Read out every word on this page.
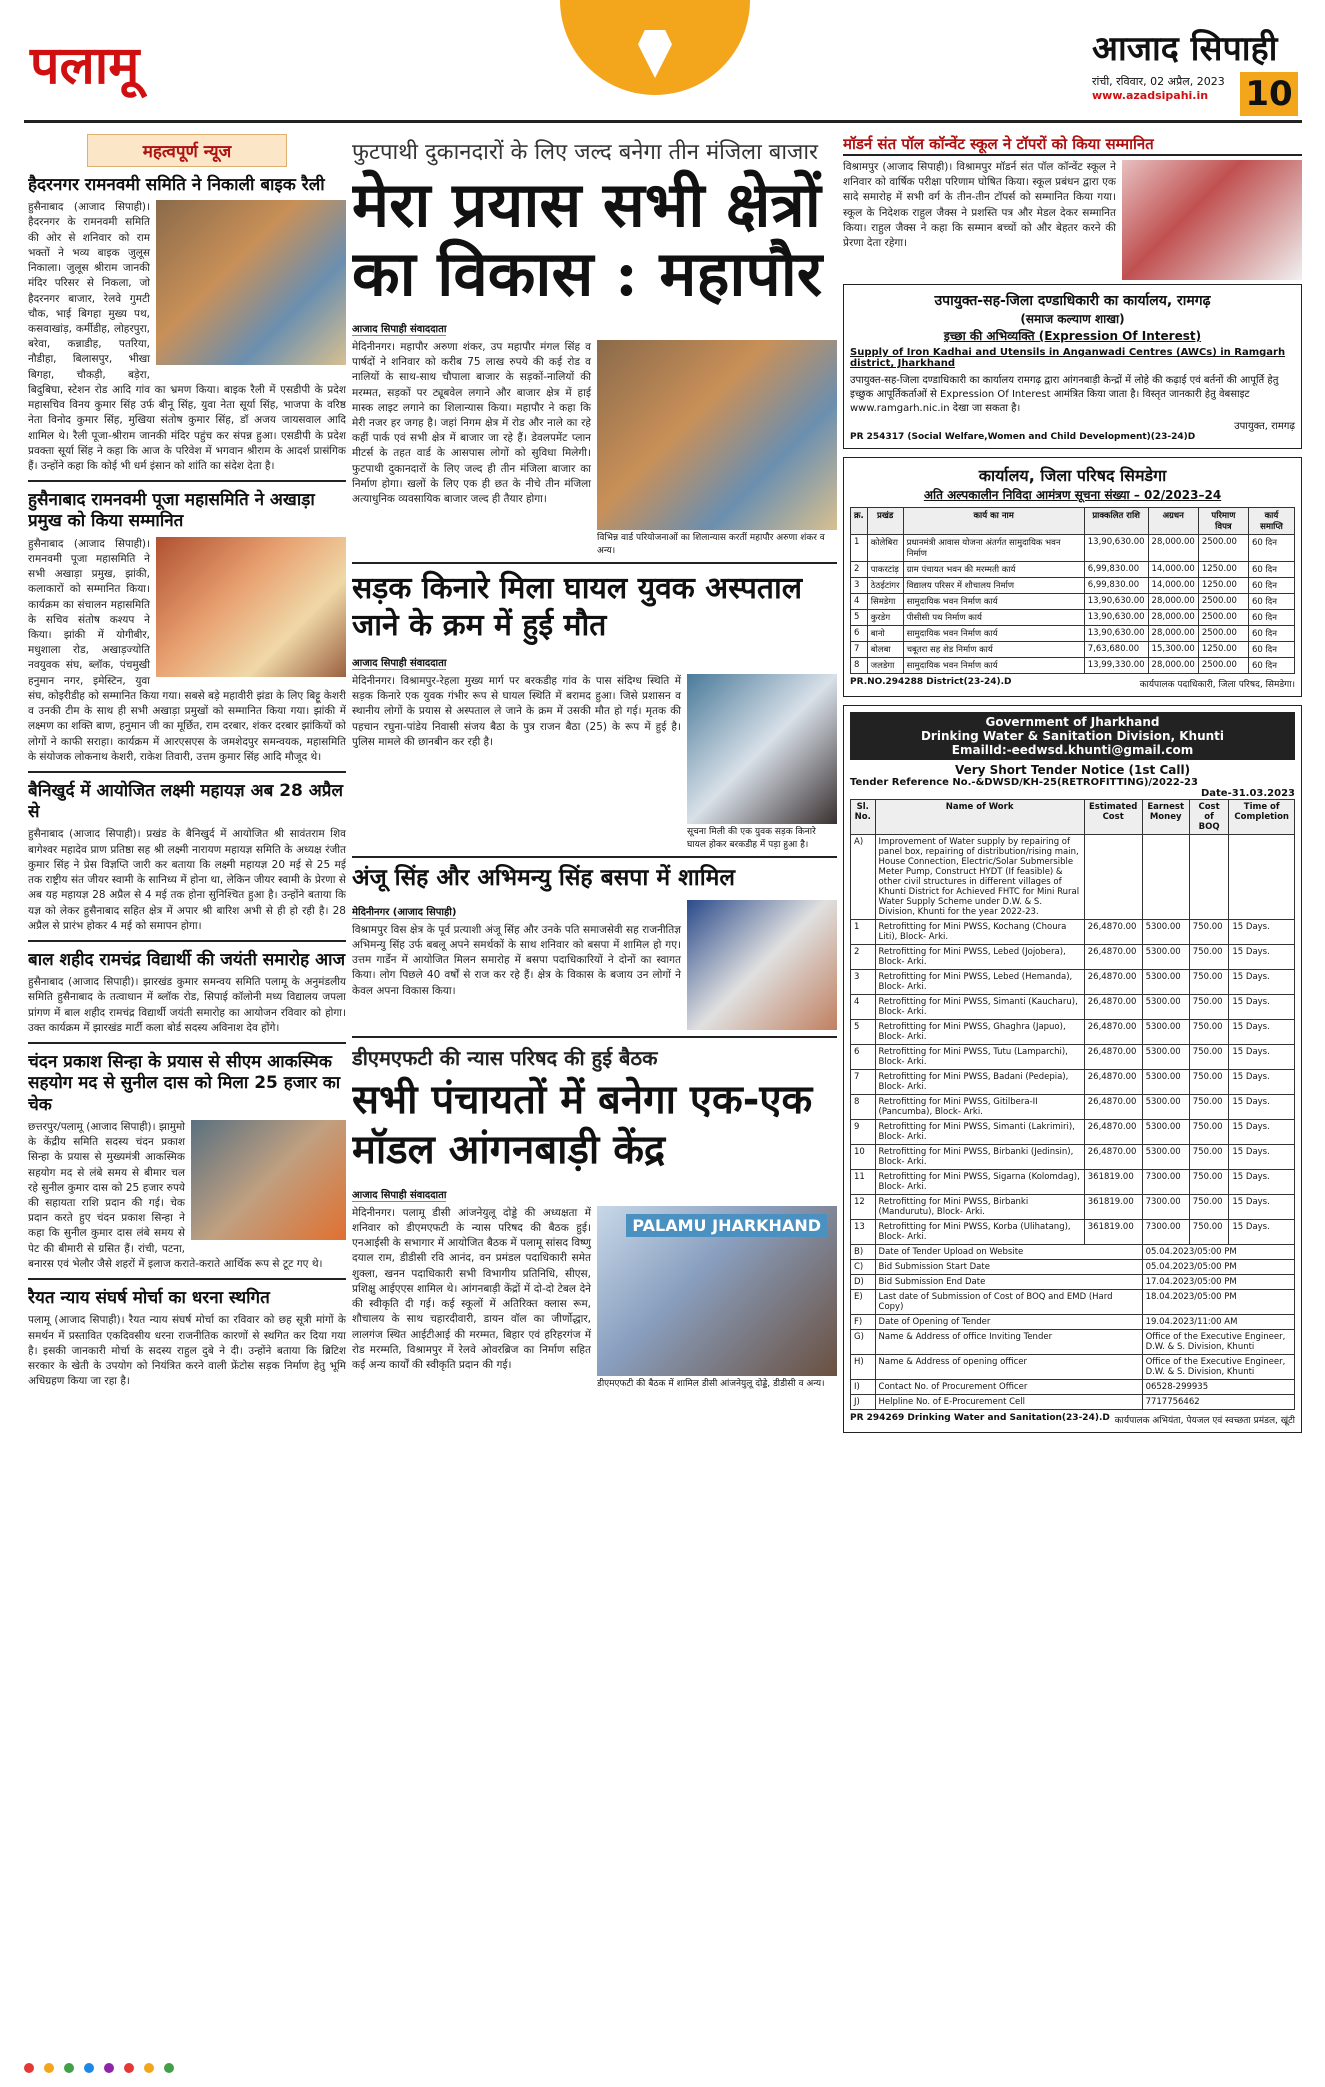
पलामू	आजाद सिपाही
रांची, रविवार, 02 अप्रैल, 2023
www.azadsipahi.in	10
महत्वपूर्ण न्यूज
हैदरनगर रामनवमी समिति ने निकाली बाइक रैली
हुसैनाबाद (आजाद सिपाही)। हैदरनगर के रामनवमी समिति की ओर से शनिवार को राम भक्तों ने भव्य बाइक जुलूस निकाला। जुलूस श्रीराम जानकी मंदिर परिसर से निकला, जो हैदरनगर बाजार, रेलवे गुमटी चौक, भाई बिगहा मुख्य पथ, कसवाखांड़, कर्मीडीह, लोहरपुरा, बरेवा, कन्नाडीह, पतरिया, नौडीहा, बिलासपुर, भीखा बिगहा, चौकड़ी, बड़ेरा, बिदुबिघा, स्टेशन रोड आदि गांव का भ्रमण किया। बाइक रैली में एसडीपी के प्रदेश महासचिव विनय कुमार सिंह उर्फ बीनू सिंह, युवा नेता सूर्या सिंह, भाजपा के वरिष्ठ नेता विनोद कुमार सिंह, मुखिया संतोष कुमार सिंह, डॉ अजय जायसवाल आदि शामिल थे। रैली पूजा-श्रीराम जानकी मंदिर पहुंच कर संपन्न हुआ। एसडीपी के प्रदेश प्रवक्ता सूर्या सिंह ने कहा कि आज के परिवेश में भगवान श्रीराम के आदर्श प्रासंगिक हैं। उन्होंने कहा कि कोई भी धर्म इंसान को शांति का संदेश देता है।
हुसैनाबाद रामनवमी पूजा महासमिति ने अखाड़ा प्रमुख को किया सम्मानित
हुसैनाबाद (आजाद सिपाही)। रामनवमी पूजा महासमिति ने सभी अखाड़ा प्रमुख, झांकी, कलाकारों को सम्मानित किया। कार्यक्रम का संचालन महासमिति के सचिव संतोष कश्यप ने किया। झांकी में योगीबीर, मधुशाला रोड, अखाड़ज्योति नवयुवक संघ, ब्लॉक, पंचमुखी हनुमान नगर, इमेस्टिन, युवा संघ, कोइरीडीह को सम्मानित किया गया। सबसे बड़े महावीरी झंडा के लिए बिट्टू केशरी व उनकी टीम के साथ ही सभी अखाड़ा प्रमुखों को सम्मानित किया गया। झांकी में लक्ष्मण का शक्ति बाण, हनुमान जी का मूर्छित, राम दरबार, शंकर दरबार झांकियों को लोगों ने काफी सराहा। कार्यक्रम में आरएसएस के जमशेदपुर समन्वयक, महासमिति के संयोजक लोकनाथ केशरी, राकेश तिवारी, उत्तम कुमार सिंह आदि मौजूद थे।
बैनिखुर्द में आयोजित लक्ष्मी महायज्ञ अब 28 अप्रैल से
हुसैनाबाद (आजाद सिपाही)। प्रखंड के बैनिखुर्द में आयोजित श्री सावंतराम शिव बागेश्वर महादेव प्राण प्रतिष्ठा सह श्री लक्ष्मी नारायण महायज्ञ समिति के अध्यक्ष रंजीत कुमार सिंह ने प्रेस विज्ञप्ति जारी कर बताया कि लक्ष्मी महायज्ञ 20 मई से 25 मई तक राष्ट्रीय संत जीयर स्वामी के सानिध्य में होना था, लेकिन जीयर स्वामी के प्रेरणा से अब यह महायज्ञ 28 अप्रैल से 4 मई तक होना सुनिश्चित हुआ है। उन्होंने बताया कि यज्ञ को लेकर हुसैनाबाद सहित क्षेत्र में अपार श्री बारिश अभी से ही हो रही है। 28 अप्रैल से प्रारंभ होकर 4 मई को समापन होगा।
बाल शहीद रामचंद्र विद्यार्थी की जयंती समारोह आज
हुसैनाबाद (आजाद सिपाही)। झारखंड कुमार समन्वय समिति पलामू के अनुमंडलीय समिति हुसैनाबाद के तत्वाधान में ब्लॉक रोड, सिपाई कॉलोनी मध्य विद्यालय जपला प्रांगण में बाल शहीद रामचंद्र विद्यार्थी जयंती समारोह का आयोजन रविवार को होगा। उक्त कार्यक्रम में झारखंड मार्टी कला बोर्ड सदस्य अविनाश देव होंगे।
चंदन प्रकाश सिन्हा के प्रयास से सीएम आकस्मिक सहयोग मद से सुनील दास को मिला 25 हजार का चेक
छत्तरपुर/पलामू (आजाद सिपाही)। झामुमो के केंद्रीय समिति सदस्य चंदन प्रकाश सिन्हा के प्रयास से मुख्यमंत्री आकस्मिक सहयोग मद से लंबे समय से बीमार चल रहे सुनील कुमार दास को 25 हजार रुपये की सहायता राशि प्रदान की गई। चेक प्रदान करते हुए चंदन प्रकाश सिन्हा ने कहा कि सुनील कुमार दास लंबे समय से पेट की बीमारी से ग्रसित हैं। रांची, पटना, बनारस एवं भेलौर जैसे शहरों में इलाज कराते-कराते आर्थिक रूप से टूट गए थे।
रैयत न्याय संघर्ष मोर्चा का धरना स्थगित
पलामू (आजाद सिपाही)। रैयत न्याय संघर्ष मोर्चा का रविवार को छह सूत्री मांगों के समर्थन में प्रस्तावित एकदिवसीय धरना राजनीतिक कारणों से स्थगित कर दिया गया है। इसकी जानकारी मोर्चा के सदस्य राहुल दुबे ने दी। उन्होंने बताया कि ब्रिटिश सरकार के खेती के उपयोग को नियंत्रित करने वाली फ्रेंटोस सड़क निर्माण हेतु भूमि अधिग्रहण किया जा रहा है।
फुटपाथी दुकानदारों के लिए जल्द बनेगा तीन मंजिला बाजार
मेरा प्रयास सभी क्षेत्रों का विकास : महापौर
आजाद सिपाही संवाददाता
मेदिनीनगर। महापौर अरुणा शंकर, उप महापौर मंगल सिंह व पार्षदों ने शनिवार को करीब 75 लाख रुपये की कई रोड व नालियों के साथ-साथ चौपाला बाजार के सड़कों-नालियों की मरम्मत, सड़कों पर ट्यूबवेल लगाने और बाजार क्षेत्र में हाई मास्क लाइट लगाने का शिलान्यास किया। महापौर ने कहा कि मेरी नजर हर जगह है। जहां निगम क्षेत्र में रोड और नाले का रहे कहीं पार्क एवं सभी क्षेत्र में बाजार जा रहे हैं। डेवलपमेंट प्लान मीटर्स के तहत वार्ड के आसपास लोगों को सुविधा मिलेगी। फुटपाथी दुकानदारों के लिए जल्द ही तीन मंजिला बाजार का निर्माण होगा। खलों के लिए एक ही छत के नीचे तीन मंजिला अत्याधुनिक व्यवसायिक बाजार जल्द ही तैयार होगा।
विभिन्न वार्ड परियोजनाओं का शिलान्यास करतीं महापौर अरुणा शंकर व अन्य।
सड़क किनारे मिला घायल युवक अस्पताल जाने के क्रम में हुई मौत
आजाद सिपाही संवाददाता
मेदिनीनगर। विश्रामपुर-रेहला मुख्य मार्ग पर बरकडीह गांव के पास संदिग्ध स्थिति में सड़क किनारे एक युवक गंभीर रूप से घायल स्थिति में बरामद हुआ। जिसे प्रशासन व स्थानीय लोगों के प्रयास से अस्पताल ले जाने के क्रम में उसकी मौत हो गई। मृतक की पहचान रघुना-पांडेय निवासी संजय बैठा के पुत्र राजन बैठा (25) के रूप में हुई है। पुलिस मामले की छानबीन कर रही है।
सूचना मिली की एक युवक सड़क किनारे घायल होकर बरकडीह में पड़ा हुआ है।
अंजू सिंह और अभिमन्यु सिंह बसपा में शामिल
मेदिनीनगर (आजाद सिपाही)
विश्रामपुर विस क्षेत्र के पूर्व प्रत्याशी अंजू सिंह और उनके पति समाजसेवी सह राजनीतिज्ञ अभिमन्यु सिंह उर्फ बबलू अपने समर्थकों के साथ शनिवार को बसपा में शामिल हो गए। उत्तम गार्डेन में आयोजित मिलन समारोह में बसपा पदाधिकारियों ने दोनों का स्वागत किया। लोग पिछले 40 वर्षों से राज कर रहे हैं। क्षेत्र के विकास के बजाय उन लोगों ने केवल अपना विकास किया।
डीएमएफटी की न्यास परिषद की हुई बैठक
सभी पंचायतों में बनेगा एक-एक मॉडल आंगनबाड़ी केंद्र
आजाद सिपाही संवाददाता
मेदिनीनगर। पलामू डीसी आंजनेयुलू दोड्डे की अध्यक्षता में शनिवार को डीएमएफटी के न्यास परिषद की बैठक हुई। एनआईसी के सभागार में आयोजित बैठक में पलामू सांसद विष्णु दयाल राम, डीडीसी रवि आनंद, वन प्रमंडल पदाधिकारी समेत शुक्ला, खनन पदाधिकारी सभी विभागीय प्रतिनिधि, सीएस, प्रशिक्षु आईएएस शामिल थे। आंगनबाड़ी केंद्रों में दो-दो टेबल देने की स्वीकृति दी गई। कई स्कूलों में अतिरिक्त क्लास रूम, शौचालय के साथ चहारदीवारी, डायन वॉल का जीर्णोद्धार, लालगंज स्थित आईटीआई की मरम्मत, बिहार एवं हरिहरगंज में रोड मरम्मति, विश्रामपुर में रेलवे ओवरब्रिज का निर्माण सहित कई अन्य कार्यों की स्वीकृति प्रदान की गई।
PALAMU JHARKHAND
डीएमएफटी की बैठक में शामिल डीसी आंजनेयुलू दोड्डे, डीडीसी व अन्य।
मॉडर्न संत पॉल कॉन्वेंट स्कूल ने टॉपरों को किया सम्मानित
विश्रामपुर (आजाद सिपाही)। विश्रामपुर मॉडर्न संत पॉल कॉन्वेंट स्कूल ने शनिवार को वार्षिक परीक्षा परिणाम घोषित किया। स्कूल प्रबंधन द्वारा एक सादे समारोह में सभी वर्ग के तीन-तीन टॉपर्स को सम्मानित किया गया। स्कूल के निदेशक राहुल जैक्स ने प्रशस्ति पत्र और मेडल देकर सम्मानित किया। राहुल जैक्स ने कहा कि सम्मान बच्चों को और बेहतर करने की प्रेरणा देता रहेगा।
उपायुक्त-सह-जिला दण्डाधिकारी का कार्यालय, रामगढ़
(समाज कल्याण शाखा)
इच्छा की अभिव्यक्ति (Expression Of Interest)
Supply of Iron Kadhai and Utensils in Anganwadi Centres (AWCs) in Ramgarh district, Jharkhand
उपायुक्त-सह-जिला दण्डाधिकारी का कार्यालय रामगढ़ द्वारा आंगनबाड़ी केन्द्रों में लोहे की कढ़ाई एवं बर्तनों की आपूर्ति हेतु इच्छुक आपूर्तिकर्ताओं से Expression Of Interest आमंत्रित किया जाता है। विस्तृत जानकारी हेतु वेबसाइट www.ramgarh.nic.in देखा जा सकता है।
उपायुक्त, रामगढ़
PR 254317 (Social Welfare,Women and Child Development)(23-24)D
कार्यालय, जिला परिषद सिमडेगा
अति अल्पकालीन निविदा आमंत्रण सूचना संख्या – 02/2023–24
क्र.	प्रखंड	कार्य का नाम	प्राक्कलित राशि	अग्रधन	परिमाण विपत्र	कार्य समाप्ति
1	कोलेबिरा	प्रधानमंत्री आवास योजना अंतर्गत सामुदायिक भवन निर्माण	13,90,630.00	28,000.00	2500.00	60 दिन
2	पाकरटांड़	ग्राम पंचायत भवन की मरम्मती कार्य	6,99,830.00	14,000.00	1250.00	60 दिन
3	ठेठईटांगर	विद्यालय परिसर में शौचालय निर्माण	6,99,830.00	14,000.00	1250.00	60 दिन
4	सिमडेगा	सामुदायिक भवन निर्माण कार्य	13,90,630.00	28,000.00	2500.00	60 दिन
5	कुरडेग	पीसीसी पथ निर्माण कार्य	13,90,630.00	28,000.00	2500.00	60 दिन
6	बानो	सामुदायिक भवन निर्माण कार्य	13,90,630.00	28,000.00	2500.00	60 दिन
7	बोलबा	चबूतरा सह शेड निर्माण कार्य	7,63,680.00	15,300.00	1250.00	60 दिन
8	जलडेगा	सामुदायिक भवन निर्माण कार्य	13,99,330.00	28,000.00	2500.00	60 दिन
PR.NO.294288 District(23-24).D	कार्यपालक पदाधिकारी, जिला परिषद, सिमडेगा।
Government of Jharkhand
Drinking Water & Sanitation Division, Khunti
EmailId:-eedwsd.khunti@gmail.com
Very Short Tender Notice (1st Call)
Tender Reference No.-&DWSD/KH-25(RETROFITTING)/2022-23
Date-31.03.2023
Sl. No.	Name of Work	Estimated Cost	Earnest Money	Cost of BOQ	Time of Completion
A)	Improvement of Water supply by repairing of panel box, repairing of distribution/rising main, House Connection, Electric/Solar Submersible Meter Pump, Construct HYDT (If feasible) & other civil structures in different villages of Khunti District for Achieved FHTC for Mini Rural Water Supply Scheme under D.W. & S. Division, Khunti for the year 2022-23.				
1	Retrofitting for Mini PWSS, Kochang (Choura Liti), Block- Arki.	26,4870.00	5300.00	750.00	15 Days.
2	Retrofitting for Mini PWSS, Lebed (Jojobera), Block- Arki.	26,4870.00	5300.00	750.00	15 Days.
3	Retrofitting for Mini PWSS, Lebed (Hemanda), Block- Arki.	26,4870.00	5300.00	750.00	15 Days.
4	Retrofitting for Mini PWSS, Simanti (Kaucharu), Block- Arki.	26,4870.00	5300.00	750.00	15 Days.
5	Retrofitting for Mini PWSS, Ghaghra (Japuo), Block- Arki.	26,4870.00	5300.00	750.00	15 Days.
6	Retrofitting for Mini PWSS, Tutu (Lamparchi), Block- Arki.	26,4870.00	5300.00	750.00	15 Days.
7	Retrofitting for Mini PWSS, Badani (Pedepia), Block- Arki.	26,4870.00	5300.00	750.00	15 Days.
8	Retrofitting for Mini PWSS, Gitilbera-II (Pancumba), Block- Arki.	26,4870.00	5300.00	750.00	15 Days.
9	Retrofitting for Mini PWSS, Simanti (Lakrimiri), Block- Arki.	26,4870.00	5300.00	750.00	15 Days.
10	Retrofitting for Mini PWSS, Birbanki (Jedinsin), Block- Arki.	26,4870.00	5300.00	750.00	15 Days.
11	Retrofitting for Mini PWSS, Sigarna (Kolomdag), Block- Arki.	361819.00	7300.00	750.00	15 Days.
12	Retrofitting for Mini PWSS, Birbanki (Mandurutu), Block- Arki.	361819.00	7300.00	750.00	15 Days.
13	Retrofitting for Mini PWSS, Korba (Ulihatang), Block- Arki.	361819.00	7300.00	750.00	15 Days.
B)	Date of Tender Upload on Website		05.04.2023/05:00 PM		
C)	Bid Submission Start Date		05.04.2023/05:00 PM		
D)	Bid Submission End Date		17.04.2023/05:00 PM		
E)	Last date of Submission of Cost of BOQ and EMD (Hard Copy)		18.04.2023/05:00 PM		
F)	Date of Opening of Tender		19.04.2023/11:00 AM		
G)	Name & Address of office Inviting Tender		Office of the Executive Engineer, D.W. & S. Division, Khunti		
H)	Name & Address of opening officer		Office of the Executive Engineer, D.W. & S. Division, Khunti		
I)	Contact No. of Procurement Officer		06528-299935		
J)	Helpline No. of E-Procurement Cell		7717756462		
PR 294269 Drinking Water and Sanitation(23-24).D कार्यपालक अभियंता, पेयजल एवं स्वच्छता प्रमंडल, खूंटी
